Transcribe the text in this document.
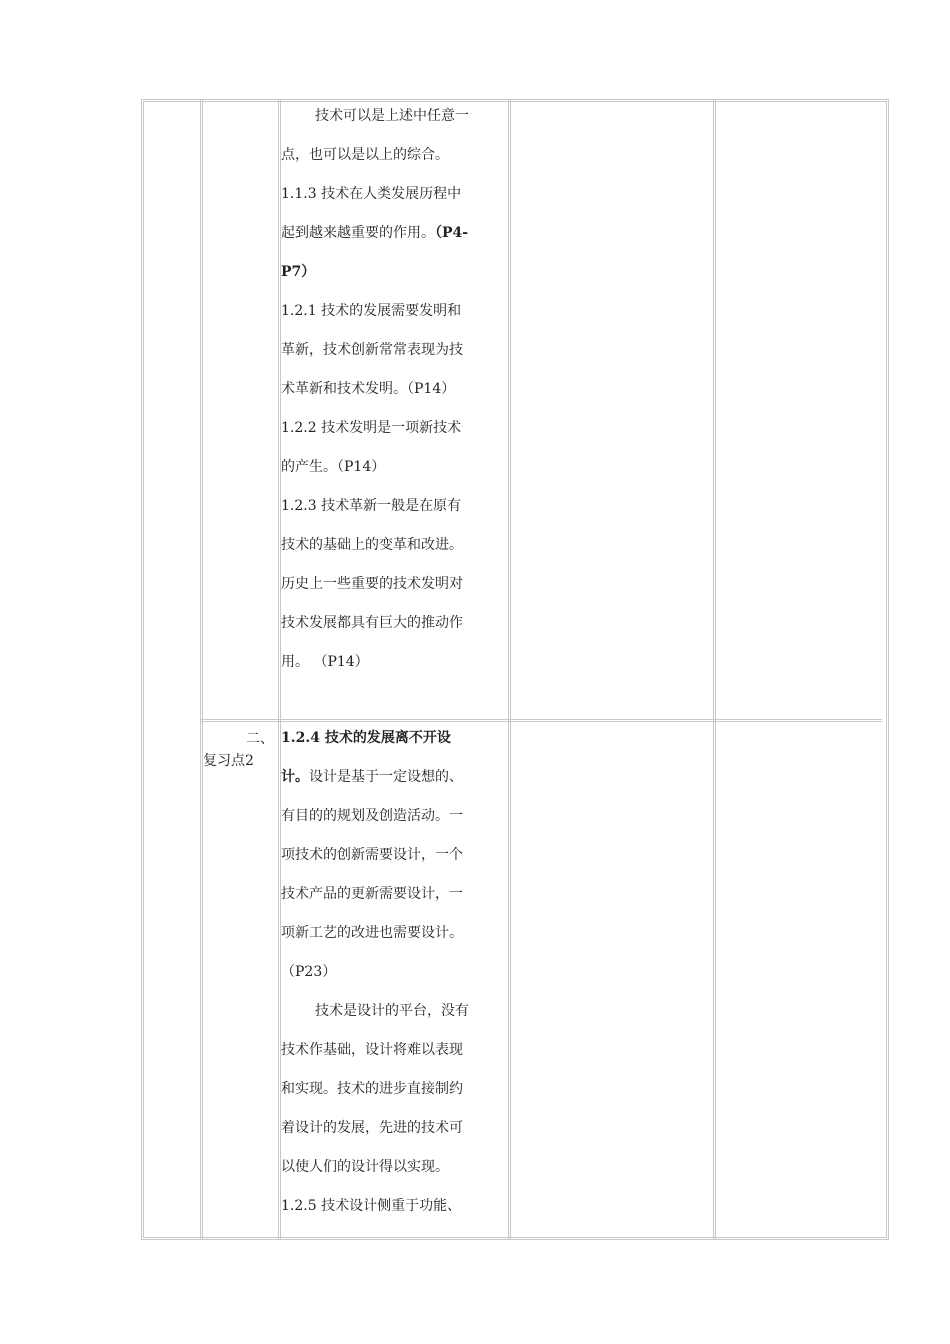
技术可以是上述中任意一
点，也可以是以上的综合。
1.1.3 技术在人类发展历程中
起到越来越重要的作用。（P4-
P7）
1.2.1 技术的发展需要发明和
革新，技术创新常常表现为技
术革新和技术发明。（P14）
1.2.2 技术发明是一项新技术
的产生。（P14）
1.2.3 技术革新一般是在原有
技术的基础上的变革和改进。
历史上一些重要的技术发明对
技术发展都具有巨大的推动作
用。 （P14）
二、
复习点2
1.2.4 技术的发展离不开设
计。设计是基于一定设想的、
有目的的规划及创造活动。一
项技术的创新需要设计，一个
技术产品的更新需要设计，一
项新工艺的改进也需要设计。
（P23）
技术是设计的平台，没有
技术作基础，设计将难以表现
和实现。技术的进步直接制约
着设计的发展，先进的技术可
以使人们的设计得以实现。
1.2.5 技术设计侧重于功能、
